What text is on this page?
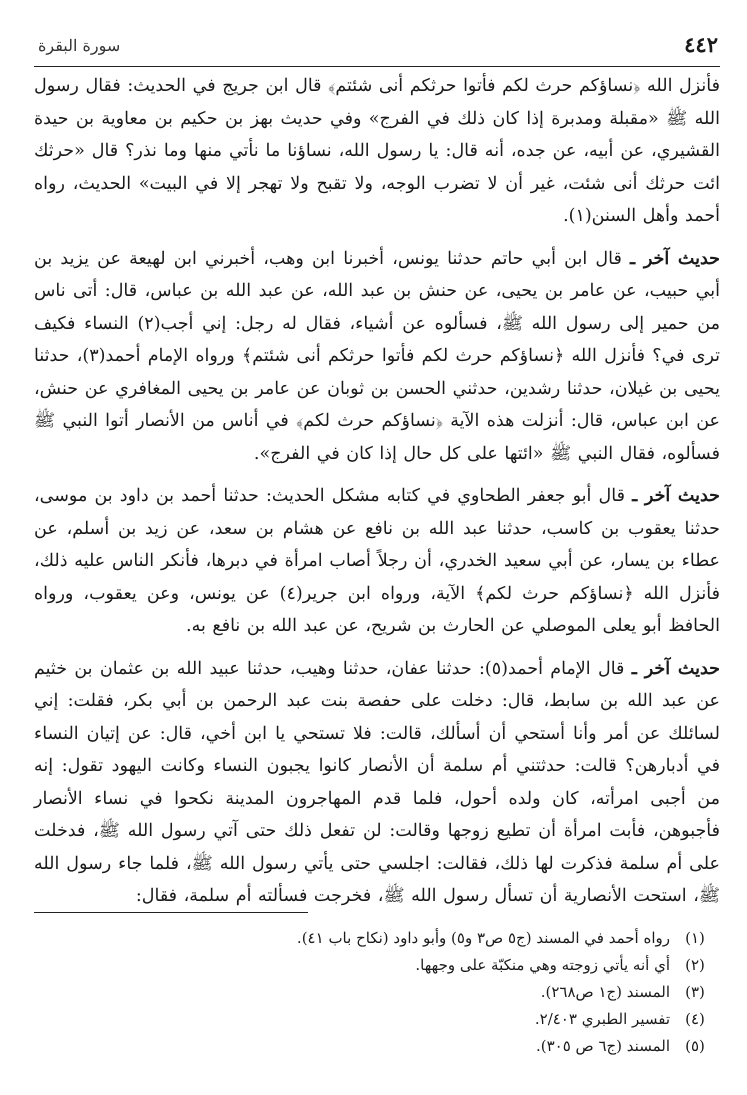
٤٤٢
سورة البقرة

فأنزل الله ﴿نساؤكم حرث لكم فأتوا حرثكم أنى شئتم﴾ قال ابن جريج في الحديث: فقال رسول الله ﷺ «مقبلة ومدبرة إذا كان ذلك في الفرج» وفي حديث بهز بن حكيم بن معاوية بن حيدة القشيري، عن أبيه، عن جده، أنه قال: يا رسول الله، نساؤنا ما نأتي منها وما نذر؟ قال «حرثك ائت حرثك أنى شئت، غير أن لا تضرب الوجه، ولا تقبح ولا تهجر إلا في البيت» الحديث، رواه أحمد وأهل السنن(١).

حديث آخر ـ قال ابن أبي حاتم حدثنا يونس، أخبرنا ابن وهب، أخبرني ابن لهيعة عن يزيد بن أبي حبيب، عن عامر بن يحيى، عن حنش بن عبد الله، عن عبد الله بن عباس، قال: أتى ناس من حمير إلى رسول الله ﷺ، فسألوه عن أشياء، فقال له رجل: إني أجب(٢) النساء فكيف ترى في؟ فأنزل الله ﴿نساؤكم حرث لكم فأتوا حرثكم أنى شئتم﴾ ورواه الإمام أحمد(٣)، حدثنا يحيى بن غيلان، حدثنا رشدين، حدثني الحسن بن ثوبان عن عامر بن يحيى المغافري عن حنش، عن ابن عباس، قال: أنزلت هذه الآية ﴿نساؤكم حرث لكم﴾ في أناس من الأنصار أتوا النبي ﷺ فسألوه، فقال النبي ﷺ «ائتها على كل حال إذا كان في الفرج».

حديث آخر ـ قال أبو جعفر الطحاوي في كتابه مشكل الحديث: حدثنا أحمد بن داود بن موسى، حدثنا يعقوب بن كاسب، حدثنا عبد الله بن نافع عن هشام بن سعد، عن زيد بن أسلم، عن عطاء بن يسار، عن أبي سعيد الخدري، أن رجلاً أصاب امرأة في دبرها، فأنكر الناس عليه ذلك، فأنزل الله ﴿نساؤكم حرث لكم﴾ الآية، ورواه ابن جرير(٤) عن يونس، وعن يعقوب، ورواه الحافظ أبو يعلى الموصلي عن الحارث بن شريح، عن عبد الله بن نافع به.

حديث آخر ـ قال الإمام أحمد(٥): حدثنا عفان، حدثنا وهيب، حدثنا عبيد الله بن عثمان بن خثيم عن عبد الله بن سابط، قال: دخلت على حفصة بنت عبد الرحمن بن أبي بكر، فقلت: إني لسائلك عن أمر وأنا أستحي أن أسألك، قالت: فلا تستحي يا ابن أخي، قال: عن إتيان النساء في أدبارهن؟ قالت: حدثتني أم سلمة أن الأنصار كانوا يجبون النساء وكانت اليهود تقول: إنه من أجبى امرأته، كان ولده أحول، فلما قدم المهاجرون المدينة نكحوا في نساء الأنصار فأجبوهن، فأبت امرأة أن تطيع زوجها وقالت: لن تفعل ذلك حتى آتي رسول الله ﷺ، فدخلت على أم سلمة فذكرت لها ذلك، فقالت: اجلسي حتى يأتي رسول الله ﷺ، فلما جاء رسول الله ﷺ، استحت الأنصارية أن تسأل رسول الله ﷺ، فخرجت فسألته أم سلمة، فقال:

(١)
رواه أحمد في المسند (ج٥ ص٣ و٥) وأبو داود (نكاح باب ٤١).
(٢)
أي أنه يأتي زوجته وهي منكبّة على وجهها.
(٣)
المسند (ج١ ص٢٦٨).
(٤)
تفسير الطبري ٢/٤٠٣.
(٥)
المسند (ج٦ ص ٣٠٥).
